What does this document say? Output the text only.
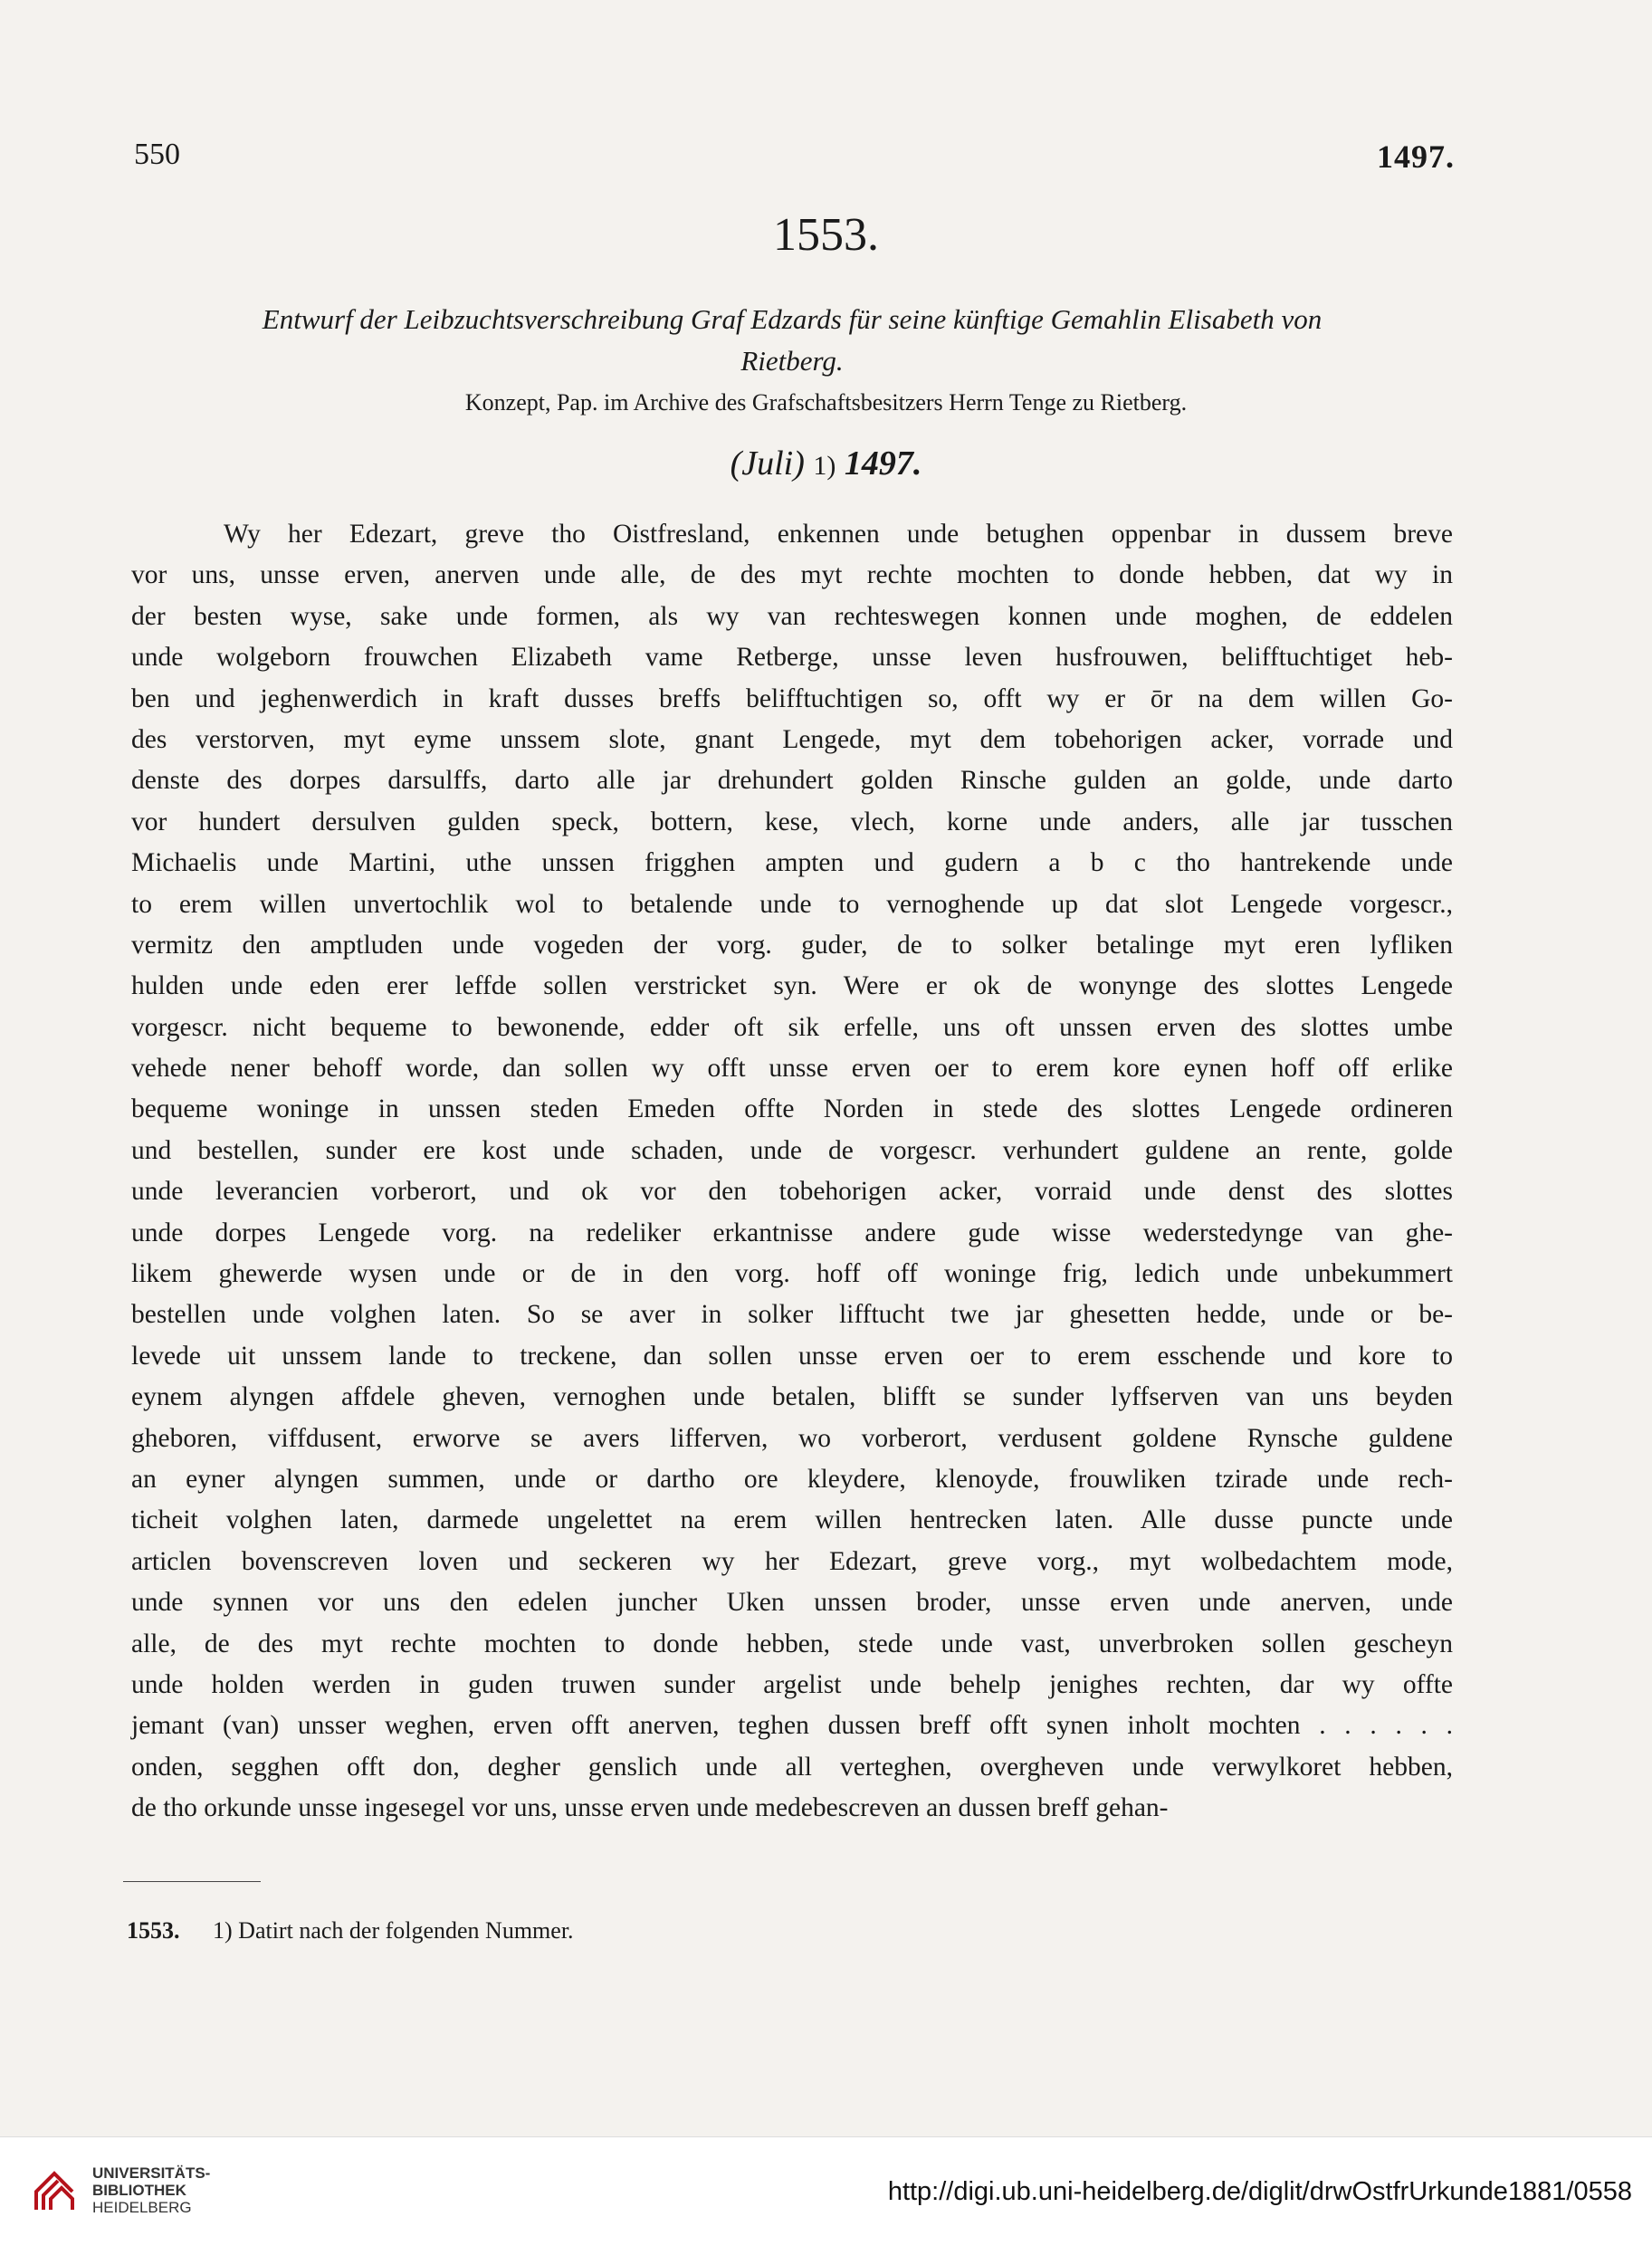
550	1497.
1553.
Entwurf der Leibzuchtsverschreibung Graf Edzards für seine künftige Gemahlin Elisabeth von
Rietberg.
Konzept, Pap. im Archive des Grafschaftsbesitzers Herrn Tenge zu Rietberg.
(Juli) 1) 1497.
Wy her Edezart, greve tho Oistfresland, enkennen unde betughen oppenbar in dussem breve
vor uns, unsse erven, anerven unde alle, de des myt rechte mochten to donde hebben, dat wy in
der besten wyse, sake unde formen, als wy van rechteswegen konnen unde moghen, de eddelen
unde wolgeborn frouwchen Elizabeth vame Retberge, unsse leven husfrouwen, belifftuchtiget heb-
ben und jeghenwerdich in kraft dusses breffs belifftuchtigen so, offt wy er ōr na dem willen Go-
des verstorven, myt eyme unssem slote, gnant Lengede, myt dem tobehorigen acker, vorrade und
denste des dorpes darsulffs, darto alle jar drehundert golden Rinsche gulden an golde, unde darto
vor hundert dersulven gulden speck, bottern, kese, vlech, korne unde anders, alle jar tusschen
Michaelis unde Martini, uthe unssen frigghen ampten und gudern a b c tho hantrekende unde
to erem willen unvertochlik wol to betalende unde to vernoghende up dat slot Lengede vorgescr.,
vermitz den amptluden unde vogeden der vorg. guder, de to solker betalinge myt eren lyfliken
hulden unde eden erer leffde sollen verstricket syn. Were er ok de wonynge des slottes Lengede
vorgescr. nicht bequeme to bewonende, edder oft sik erfelle, uns oft unssen erven des slottes umbe
vehede nener behoff worde, dan sollen wy offt unsse erven oer to erem kore eynen hoff off erlike
bequeme woninge in unssen steden Emeden offte Norden in stede des slottes Lengede ordineren
und bestellen, sunder ere kost unde schaden, unde de vorgescr. verhundert guldene an rente, golde
unde leverancien vorberort, und ok vor den tobehorigen acker, vorraid unde denst des slottes
unde dorpes Lengede vorg. na redeliker erkantnisse andere gude wisse wederstedynge van ghe-
likem ghewerde wysen unde or de in den vorg. hoff off woninge frig, ledich unde unbekummert
bestellen unde volghen laten. So se aver in solker lifftucht twe jar ghesetten hedde, unde or be-
levede uit unssem lande to treckene, dan sollen unsse erven oer to erem esschende und kore to
eynem alyngen affdele gheven, vernoghen unde betalen, blifft se sunder lyffserven van uns beyden
gheboren, viffdusent, erworve se avers lifferven, wo vorberort, verdusent goldene Rynsche guldene
an eyner alyngen summen, unde or dartho ore kleydere, klenoyde, frouwliken tzirade unde rech-
ticheit volghen laten, darmede ungelettet na erem willen hentrecken laten. Alle dusse puncte unde
articlen bovenscreven loven und seckeren wy her Edezart, greve vorg., myt wolbedachtem mode,
unde synnen vor uns den edelen juncher Uken unssen broder, unsse erven unde anerven, unde
alle, de des myt rechte mochten to donde hebben, stede unde vast, unverbroken sollen gescheyn
unde holden werden in guden truwen sunder argelist unde behelp jenighes rechten, dar wy offte
jemant (van) unsser weghen, erven offt anerven, teghen dussen breff offt synen inholt mochten . . . . . .
onden, segghen offt don, degher genslich unde all verteghen, overgheven unde verwylkoret hebben,
de tho orkunde unsse ingesegel vor uns, unsse erven unde medebescreven an dussen breff gehan-
1553. 1) Datirt nach der folgenden Nummer.
UNIVERSITÄTS-
BIBLIOTHEK
HEIDELBERG
http://digi.ub.uni-heidelberg.de/diglit/drwOstfrUrkunde1881/0558
